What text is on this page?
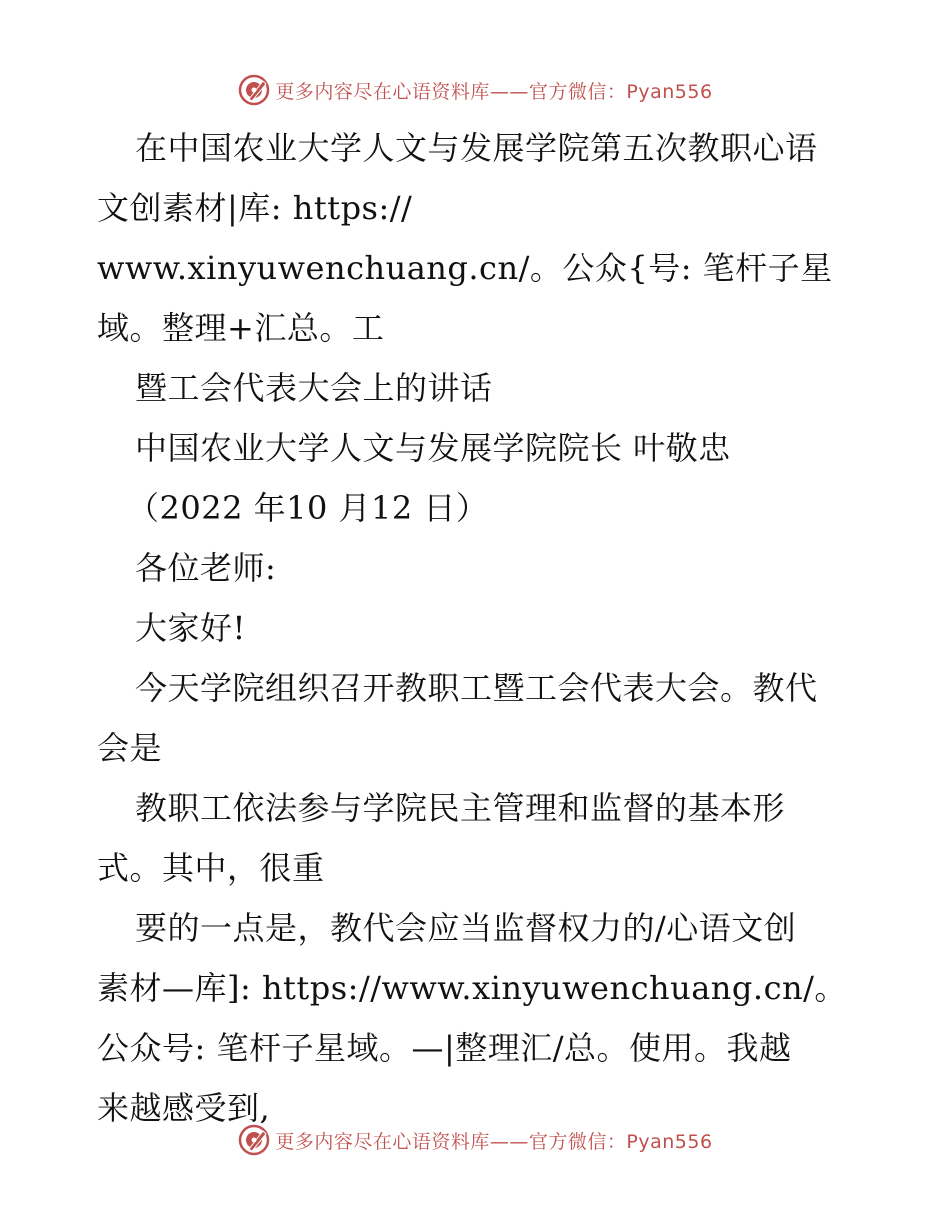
更多内容尽在心语资料库——官方微信：Pyan556
在中国农业大学人文与发展学院第五次教职心语
文创素材|库: https://
www.xinyuwenchuang.cn/。公众{号: 笔杆子星
域。整理+汇总。工
暨工会代表大会上的讲话
中国农业大学人文与发展学院院长 叶敬忠
（2022 年10 月12 日）
各位老师:
大家好!
今天学院组织召开教职工暨工会代表大会。教代
会是
教职工依法参与学院民主管理和监督的基本形
式。其中，很重
要的一点是，教代会应当监督权力的/心语文创
素材—库]: https://www.xinyuwenchuang.cn/。
公众号: 笔杆子星域。—|整理汇/总。使用。我越
来越感受到,
更多内容尽在心语资料库——官方微信：Pyan556
